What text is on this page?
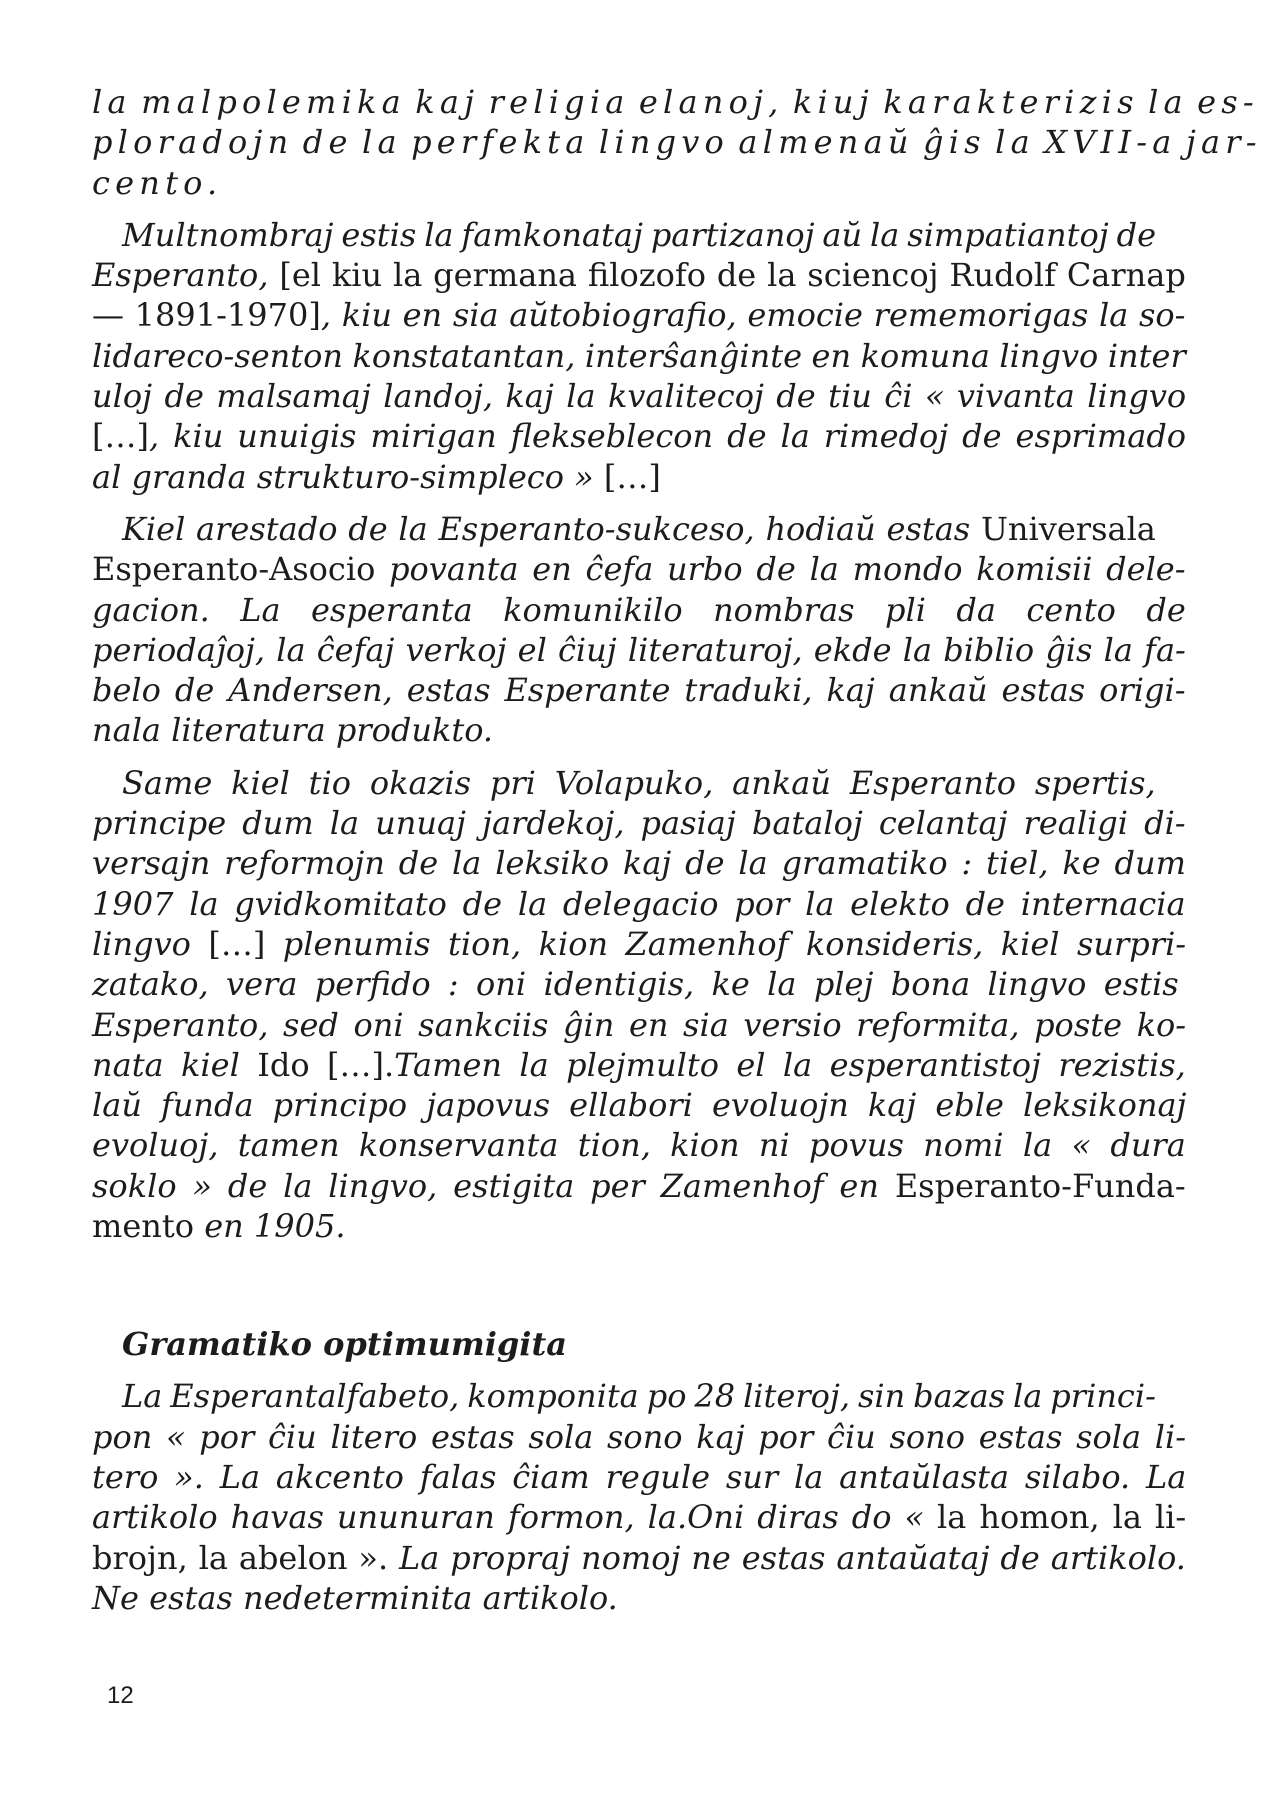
la malpolemika kaj religia elanoj, kiuj karakterizis la es-
ploradojn de la perfekta lingvo almenaŭ ĝis la XVII-a jar-
cento.

Multnombraj estis la famkonataj partizanoj aŭ la simpatiantoj de
Esperanto, [el kiu la germana filozofo de la sciencoj Rudolf Carnap
— 1891-1970], kiu en sia aŭtobiografio, emocie rememorigas la so-
lidareco-senton konstatantan, interŝanĝinte en komuna lingvo inter
uloj de malsamaj landoj, kaj la kvalitecoj de tiu ĉi « vivanta lingvo
[…], kiu unuigis mirigan flekseblecon de la rimedoj de esprimado
al granda strukturo-simpleco » […]

Kiel arestado de la Esperanto-sukceso, hodiaŭ estas Universala
Esperanto-Asocio povanta en ĉefa urbo de la mondo komisii dele-
gacion. La esperanta komunikilo nombras pli da cento de
periodaĵoj, la ĉefaj verkoj el ĉiuj literaturoj, ekde la biblio ĝis la fa-
belo de Andersen, estas Esperante traduki, kaj ankaŭ estas origi-
nala literatura produkto.

Same kiel tio okazis pri Volapuko, ankaŭ Esperanto spertis,
principe dum la unuaj jardekoj, pasiaj bataloj celantaj realigi di-
versajn reformojn de la leksiko kaj de la gramatiko : tiel, ke dum
1907 la gvidkomitato de la delegacio por la elekto de internacia
lingvo […] plenumis tion, kion Zamenhof konsideris, kiel surpri-
zatako, vera perfido : oni identigis, ke la plej bona lingvo estis
Esperanto, sed oni sankciis ĝin en sia versio reformita, poste ko-
nata kiel Ido […].Tamen la plejmulto el la esperantistoj rezistis,
laŭ funda principo japovus ellabori evoluojn kaj eble leksikonaj
evoluoj, tamen konservanta tion, kion ni povus nomi la « dura
soklo » de la lingvo, estigita per Zamenhof en Esperanto-Funda-
mento en 1905.

Gramatiko optimumigita

La Esperantalfabeto, komponita po 28 literoj, sin bazas la princi-
pon « por ĉiu litero estas sola sono kaj por ĉiu sono estas sola li-
tero ». La akcento falas ĉiam regule sur la antaŭlasta silabo. La
artikolo havas ununuran formon, la.Oni diras do « la homon, la li-
brojn, la abelon ». La propraj nomoj ne estas antaŭataj de artikolo.
Ne estas nedeterminita artikolo.

12
